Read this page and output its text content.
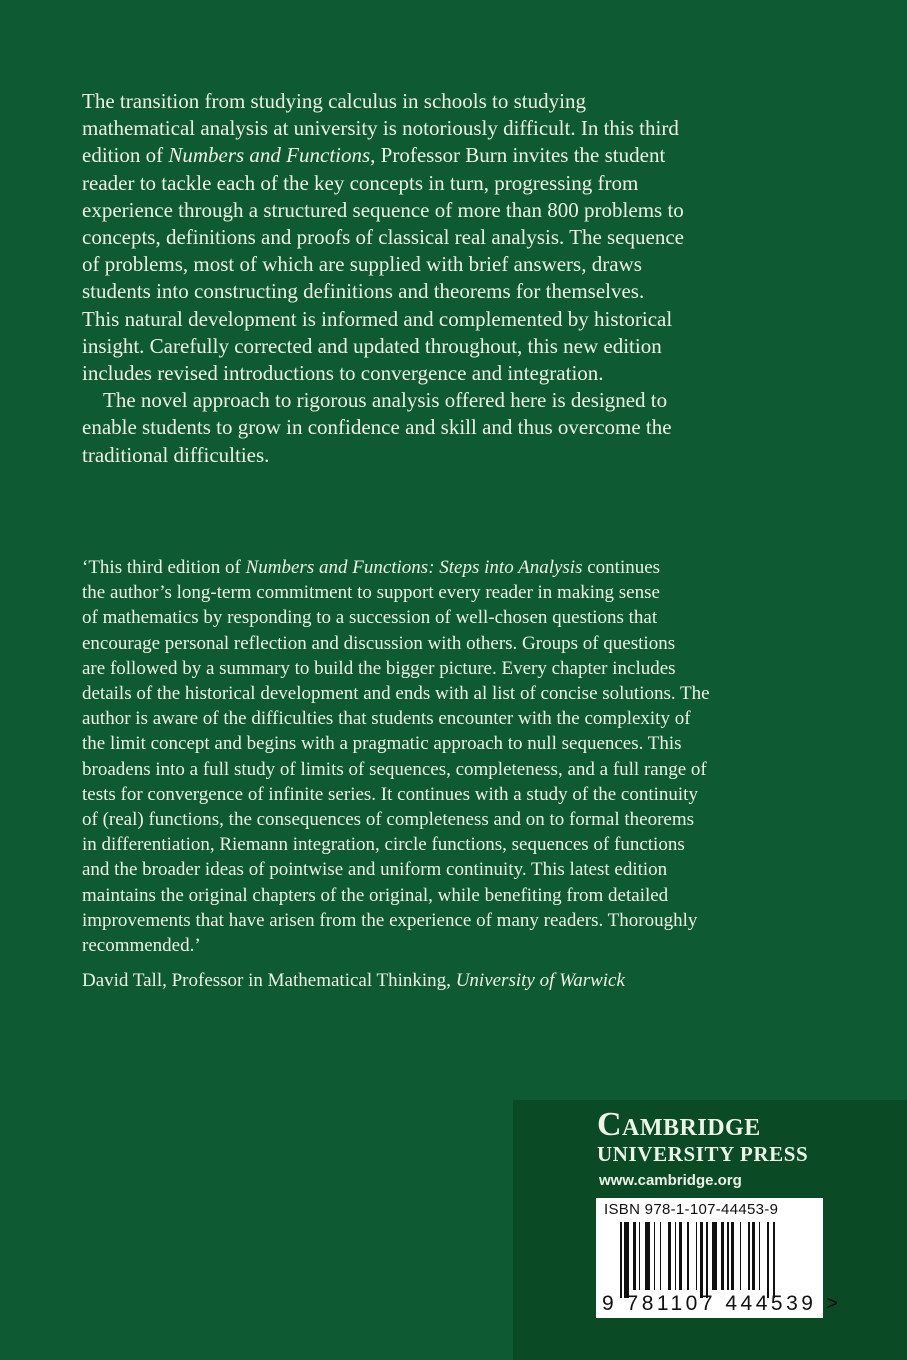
The transition from studying calculus in schools to studying
mathematical analysis at university is notoriously difficult. In this third
edition of Numbers and Functions, Professor Burn invites the student
reader to tackle each of the key concepts in turn, progressing from
experience through a structured sequence of more than 800 problems to
concepts, definitions and proofs of classical real analysis. The sequence
of problems, most of which are supplied with brief answers, draws
students into constructing definitions and theorems for themselves.
This natural development is informed and complemented by historical
insight. Carefully corrected and updated throughout, this new edition
includes revised introductions to convergence and integration.
The novel approach to rigorous analysis offered here is designed to
enable students to grow in confidence and skill and thus overcome the
traditional difficulties.
‘This third edition of Numbers and Functions: Steps into Analysis continues
the author’s long-term commitment to support every reader in making sense
of mathematics by responding to a succession of well-chosen questions that
encourage personal reflection and discussion with others. Groups of questions
are followed by a summary to build the bigger picture. Every chapter includes
details of the historical development and ends with al list of concise solutions. The
author is aware of the difficulties that students encounter with the complexity of
the limit concept and begins with a pragmatic approach to null sequences. This
broadens into a full study of limits of sequences, completeness, and a full range of
tests for convergence of infinite series. It continues with a study of the continuity
of (real) functions, the consequences of completeness and on to formal theorems
in differentiation, Riemann integration, circle functions, sequences of functions
and the broader ideas of pointwise and uniform continuity. This latest edition
maintains the original chapters of the original, while benefiting from detailed
improvements that have arisen from the experience of many readers. Thoroughly
recommended.’
David Tall, Professor in Mathematical Thinking, University of Warwick
Cambridge
UNIVERSITY PRESS
www.cambridge.org
ISBN 978-1-107-44453-9
9 781107 444539 >
